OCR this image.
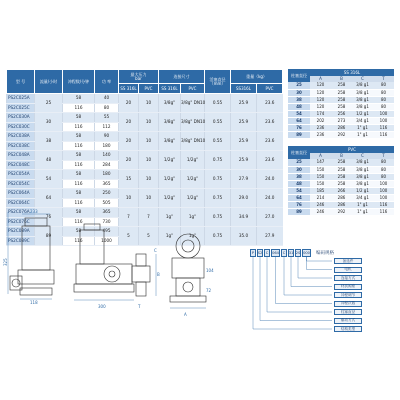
型 号	流量/小时	冲程数/分钟	功 率	最大压力
bar		连接尺寸		活塞直径
（mm）	重量（kg）	
				SS 316L	PVC	SS 316L	PVC		SS316L	PVC
PS2C025A	25	58	40	20	10	3/8g"	3/8g" DN10	0.55	25.9	23.6
PS2C025C		116	80							
PS2C030A	30	58	55	20	10	3/8g"	3/8g" DN10	0.55	25.9	23.6
PS2C030C		116	112							
PS2C038A	38	58	90	20	10	3/8g"	3/8g" DN10	0.55	25.9	23.6
PS2C038C		116	180							
PS2C048A	48	58	140	20	10	1/2g"	1/2g"	0.75	25.9	23.6
PS2C048C		116	284							
PS2C054A	54	58	180	15	10	1/2g"	1/2g"	0.75	27.9	24.0
PS2C054C		116	365							
PS2C064A	64	58	250	10	10	1/2g"	1/2g"	0.75	29.0	24.0
PS2C064C		116	505							
PS2C076A	76	58	365	7	7	1g"	1g"	0.75	34.9	27.0
PS2C076C		116	730							
PS2C089A	89	58	495	5	5	1g"	1g"	0.75	35.0	27.9
PS2C089C		116	1000							
柱塞直径	SS 316L			
	A	B	C	T
25	120	258	3/8 g1	80
30	120	258	3/8 g1	80
38	120	258	3/8 g1	80
48	120	258	3/8 g1	80
54	174	256	1/2 g1	100
64	202	273	3/4 g1	100
76	236	286	1" g1	116
89	236	292	1" g1	116
柱塞直径	PVC			
	A	B	C	T
25	147	258	3/8 g1	80
30	150	258	3/8 g1	80
38	150	258	3/8 g1	80
48	150	258	3/8 g1	100
54	185	266	1/2 g1	100
64	214	286	3/4 g1	100
76	246	286	1" g1	116
89	246	292	1" g1	116
233
325
118
C
B
300	T
A
104
72
P	S2 C	064	C 31 2S 000 编码规格
备选件
电机
连接方式
材质阀座
冲程调节
冲程次数
柱塞直径
驱动方式
结构类型
